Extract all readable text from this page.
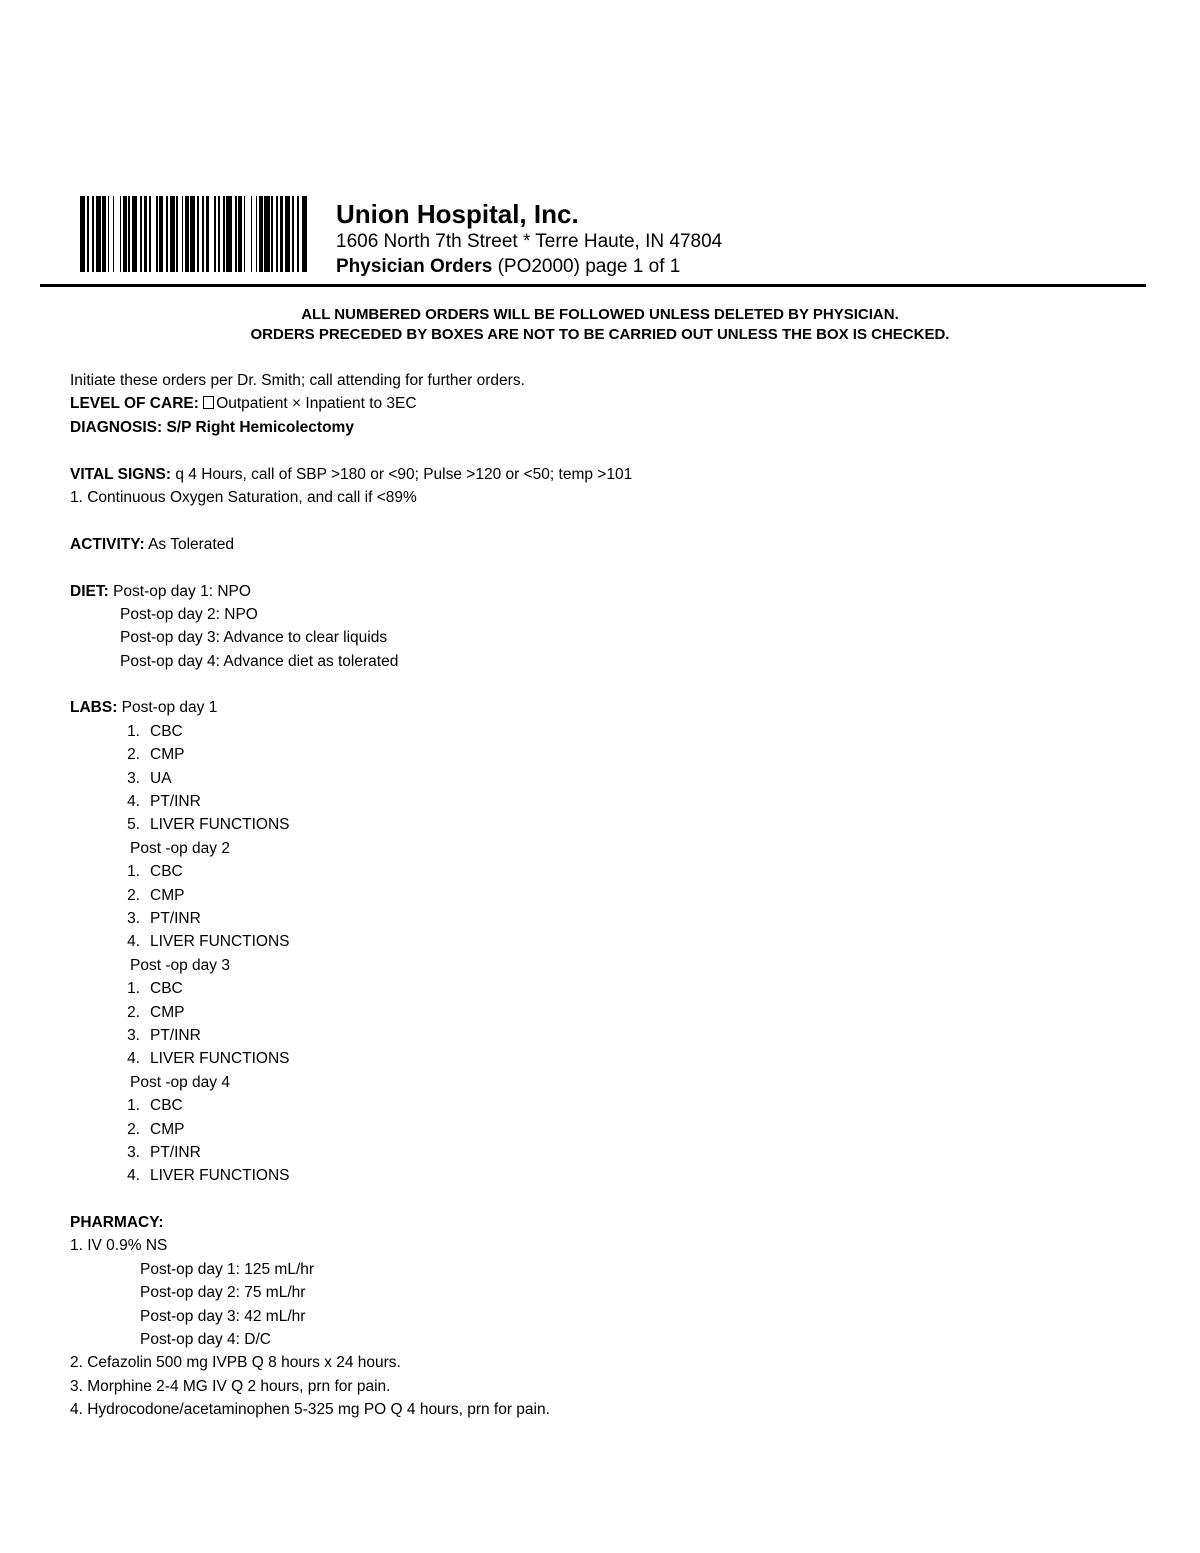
Union Hospital, Inc.
1606 North 7th Street * Terre Haute, IN 47804
Physician Orders (PO2000) page 1 of 1
ALL NUMBERED ORDERS WILL BE FOLLOWED UNLESS DELETED BY PHYSICIAN.
ORDERS PRECEDED BY BOXES ARE NOT TO BE CARRIED OUT UNLESS THE BOX IS CHECKED.
Initiate these orders per Dr. Smith; call attending for further orders.
LEVEL OF CARE: Outpatient × Inpatient to 3EC
DIAGNOSIS: S/P Right Hemicolectomy
VITAL SIGNS: q 4 Hours, call of SBP >180 or <90; Pulse >120 or <50; temp >101
1. Continuous Oxygen Saturation, and call if <89%
ACTIVITY: As Tolerated
DIET: Post-op day 1: NPO
Post-op day 2: NPO
Post-op day 3: Advance to clear liquids
Post-op day 4: Advance diet as tolerated
LABS: Post-op day 1
1. CBC
2. CMP
3. UA
4. PT/INR
5. LIVER FUNCTIONS
Post -op day 2
1. CBC
2. CMP
3. PT/INR
4. LIVER FUNCTIONS
Post -op day 3
1. CBC
2. CMP
3. PT/INR
4. LIVER FUNCTIONS
Post -op day 4
1. CBC
2. CMP
3. PT/INR
4. LIVER FUNCTIONS
PHARMACY:
1. IV 0.9% NS
Post-op day 1: 125 mL/hr
Post-op day 2: 75 mL/hr
Post-op day 3: 42 mL/hr
Post-op day 4: D/C
2. Cefazolin 500 mg IVPB Q 8 hours x 24 hours.
3. Morphine 2-4 MG IV Q 2 hours, prn for pain.
4. Hydrocodone/acetaminophen 5-325 mg PO Q 4 hours, prn for pain.
